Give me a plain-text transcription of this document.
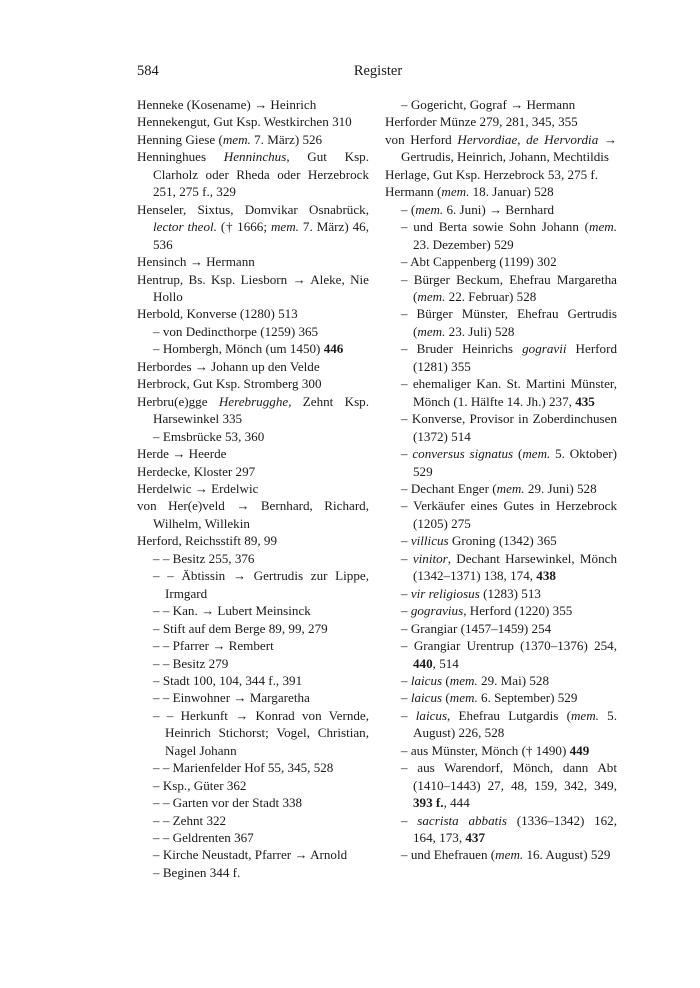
584	Register
Henneke (Kosename) → Heinrich
Hennekengut, Gut Ksp. Westkirchen 310
Henning Giese (mem. 7. März) 526
Henninghues Henninchus, Gut Ksp. Clarholz oder Rheda oder Herzebrock 251, 275 f., 329
Henseler, Sixtus, Domvikar Osnabrück, lector theol. († 1666; mem. 7. März) 46, 536
Hensinch → Hermann
Hentrup, Bs. Ksp. Liesborn → Aleke, Nie Hollo
Herbold, Konverse (1280) 513
– von Dedincthorpe (1259) 365
– Hombergh, Mönch (um 1450) 446
Herbordes → Johann up den Velde
Herbrock, Gut Ksp. Stromberg 300
Herbru(e)gge Herebrugghe, Zehnt Ksp. Harsewinkel 335
– Emsbrücke 53, 360
Herde → Heerde
Herdecke, Kloster 297
Herdelwic → Erdelwic
von Her(e)veld → Bernhard, Richard, Wilhelm, Willekin
Herford, Reichsstift 89, 99
– – Besitz 255, 376
– – Äbtissin → Gertrudis zur Lippe, Irmgard
– – Kan. → Lubert Meinsinck
– Stift auf dem Berge 89, 99, 279
– – Pfarrer → Rembert
– – Besitz 279
– Stadt 100, 104, 344 f., 391
– – Einwohner → Margaretha
– – Herkunft → Konrad von Vernde, Heinrich Stichorst; Vogel, Christian, Nagel Johann
– – Marienfelder Hof 55, 345, 528
– Ksp., Güter 362
– – Garten vor der Stadt 338
– – Zehnt 322
– – Geldrenten 367
– Kirche Neustadt, Pfarrer → Arnold
– Beginen 344 f.
– Gogericht, Gograf → Hermann
Herforder Münze 279, 281, 345, 355
von Herford Hervordiae, de Hervordia → Gertrudis, Heinrich, Johann, Mechtildis
Herlage, Gut Ksp. Herzebrock 53, 275 f.
Hermann (mem. 18. Januar) 528
– (mem. 6. Juni) → Bernhard
– und Berta sowie Sohn Johann (mem. 23. Dezember) 529
– Abt Cappenberg (1199) 302
– Bürger Beckum, Ehefrau Margaretha (mem. 22. Februar) 528
– Bürger Münster, Ehefrau Gertrudis (mem. 23. Juli) 528
– Bruder Heinrichs gogravii Herford (1281) 355
– ehemaliger Kan. St. Martini Münster, Mönch (1. Hälfte 14. Jh.) 237, 435
– Konverse, Provisor in Zoberdinchusen (1372) 514
– conversus signatus (mem. 5. Oktober) 529
– Dechant Enger (mem. 29. Juni) 528
– Verkäufer eines Gutes in Herzebrock (1205) 275
– villicus Groning (1342) 365
– vinitor, Dechant Harsewinkel, Mönch (1342–1371) 138, 174, 438
– vir religiosus (1283) 513
– gogravius, Herford (1220) 355
– Grangiar (1457–1459) 254
– Grangiar Urentrup (1370–1376) 254, 440, 514
– laicus (mem. 29. Mai) 528
– laicus (mem. 6. September) 529
– laicus, Ehefrau Lutgardis (mem. 5. August) 226, 528
– aus Münster, Mönch († 1490) 449
– aus Warendorf, Mönch, dann Abt (1410–1443) 27, 48, 159, 342, 349, 393 f., 444
– sacrista abbatis (1336–1342) 162, 164, 173, 437
– und Ehefrauen (mem. 16. August) 529
